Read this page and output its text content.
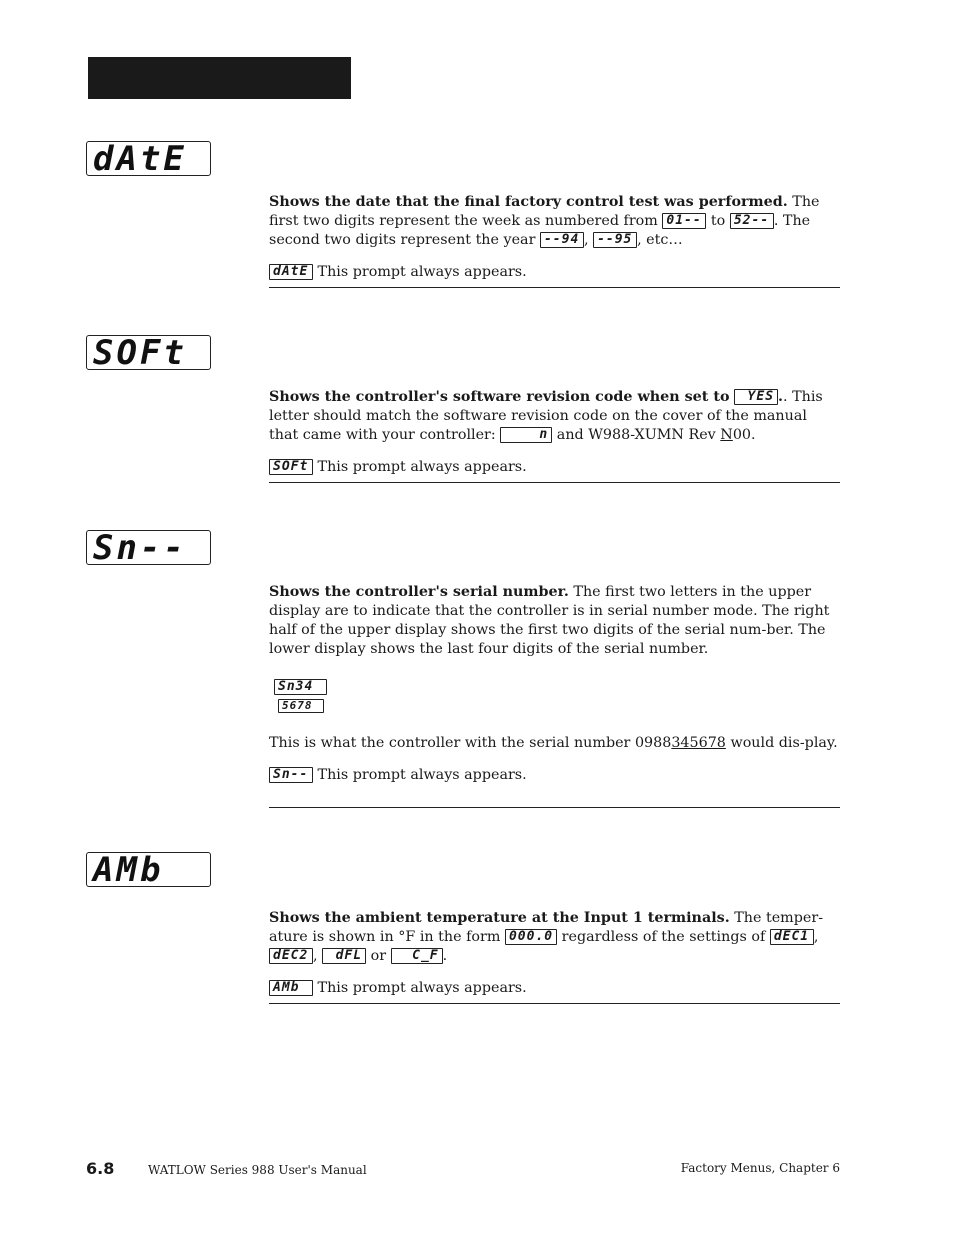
dAtE

Shows the date that the final factory control test was performed. The first two digits represent the week as numbered from 01-- to 52-- . The second two digits represent the year --94 , --95 , etc…

dAtE This prompt always appears.

SOFt

Shows the controller's software revision code when set to YES .. This letter should match the software revision code on the cover of the manual that came with your controller:	n and W988-XUMN Rev N00.

SOFt This prompt always appears.

Sn--

Shows the controller's serial number. The first two letters in the upper display are to indicate that the controller is in serial number mode. The right half of the upper display shows the first two digits of the serial num-ber. The lower display shows the last four digits of the serial number.

Sn34
5678

This is what the controller with the serial number 0988345678 would dis-play.

Sn-- This prompt always appears.

AMb

Shows the ambient temperature at the Input 1 terminals. The temper-ature is shown in °F in the form 000.0 regardless of the settings of dEC1 , dEC2 , dFL or C_F .

AMb This prompt always appears.

6.8	WATLOW Series 988 User's Manual	Factory Menus, Chapter 6
